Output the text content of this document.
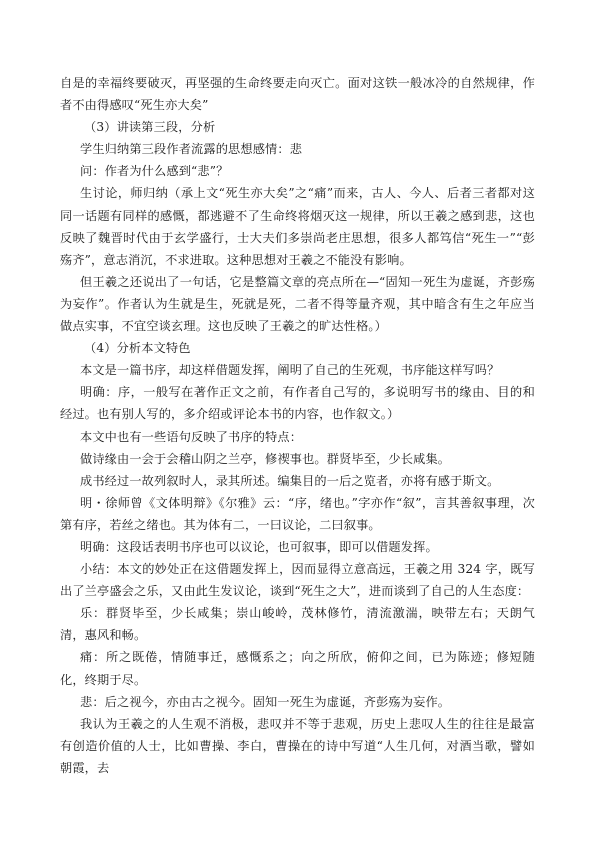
自是的幸福终要破灭，再坚强的生命终要走向灭亡。面对这铁一般冰冷的自然规律，作者不由得感叹“死生亦大矣”

（3）讲读第三段，分析

学生归纳第三段作者流露的思想感情：悲

问：作者为什么感到“悲”？

生讨论，师归纳（承上文“死生亦大矣”之“痛”而来，古人、今人、后者三者都对这同一话题有同样的感慨，都逃避不了生命终将烟灭这一规律，所以王羲之感到悲，这也反映了魏晋时代由于玄学盛行，士大夫们多崇尚老庄思想，很多人都笃信“死生一”“彭殇齐”，意志消沉，不求进取。这种思想对王羲之不能没有影响。

但王羲之还说出了一句话，它是整篇文章的亮点所在—“固知一死生为虚诞，齐彭殇为妄作”。作者认为生就是生，死就是死，二者不得等量齐观，其中暗含有生之年应当做点实事，不宜空谈玄理。这也反映了王羲之的旷达性格。）

（4）分析本文特色

本文是一篇书序，却这样借题发挥，阐明了自己的生死观，书序能这样写吗？

明确：序，一般写在著作正文之前，有作者自己写的，多说明写书的缘由、目的和经过。也有别人写的，多介绍或评论本书的内容，也作叙文。）

本文中也有一些语句反映了书序的特点：

做诗缘由一会于会稽山阴之兰亭，修禊事也。群贤毕至，少长咸集。

成书经过一故列叙时人，录其所述。编集目的一后之览者，亦将有感于斯文。

明・徐师曾《文体明辩》《尔雅》云：“序，绪也。”字亦作“叙”，言其善叙事理，次第有序，若丝之绪也。其为体有二，一曰议论，二曰叙事。

明确：这段话表明书序也可以议论，也可叙事，即可以借题发挥。

小结：本文的妙处正在这借题发挥上，因而显得立意高远，王羲之用 324 字，既写出了兰亭盛会之乐，又由此生发议论，谈到“死生之大”，进而谈到了自己的人生态度：

乐：群贤毕至，少长咸集；崇山峻岭，茂林修竹，清流激湍，映带左右；天朗气清，惠风和畅。

痛：所之既倦，情随事迁，感慨系之；向之所欣，俯仰之间，已为陈迹；修短随化，终期于尽。

悲：后之视今，亦由古之视今。固知一死生为虚诞，齐彭殇为妄作。

我认为王羲之的人生观不消极，悲叹并不等于悲观，历史上悲叹人生的往往是最富有创造价值的人士，比如曹操、李白，曹操在的诗中写道“人生几何，对酒当歌，譬如朝霞，去
